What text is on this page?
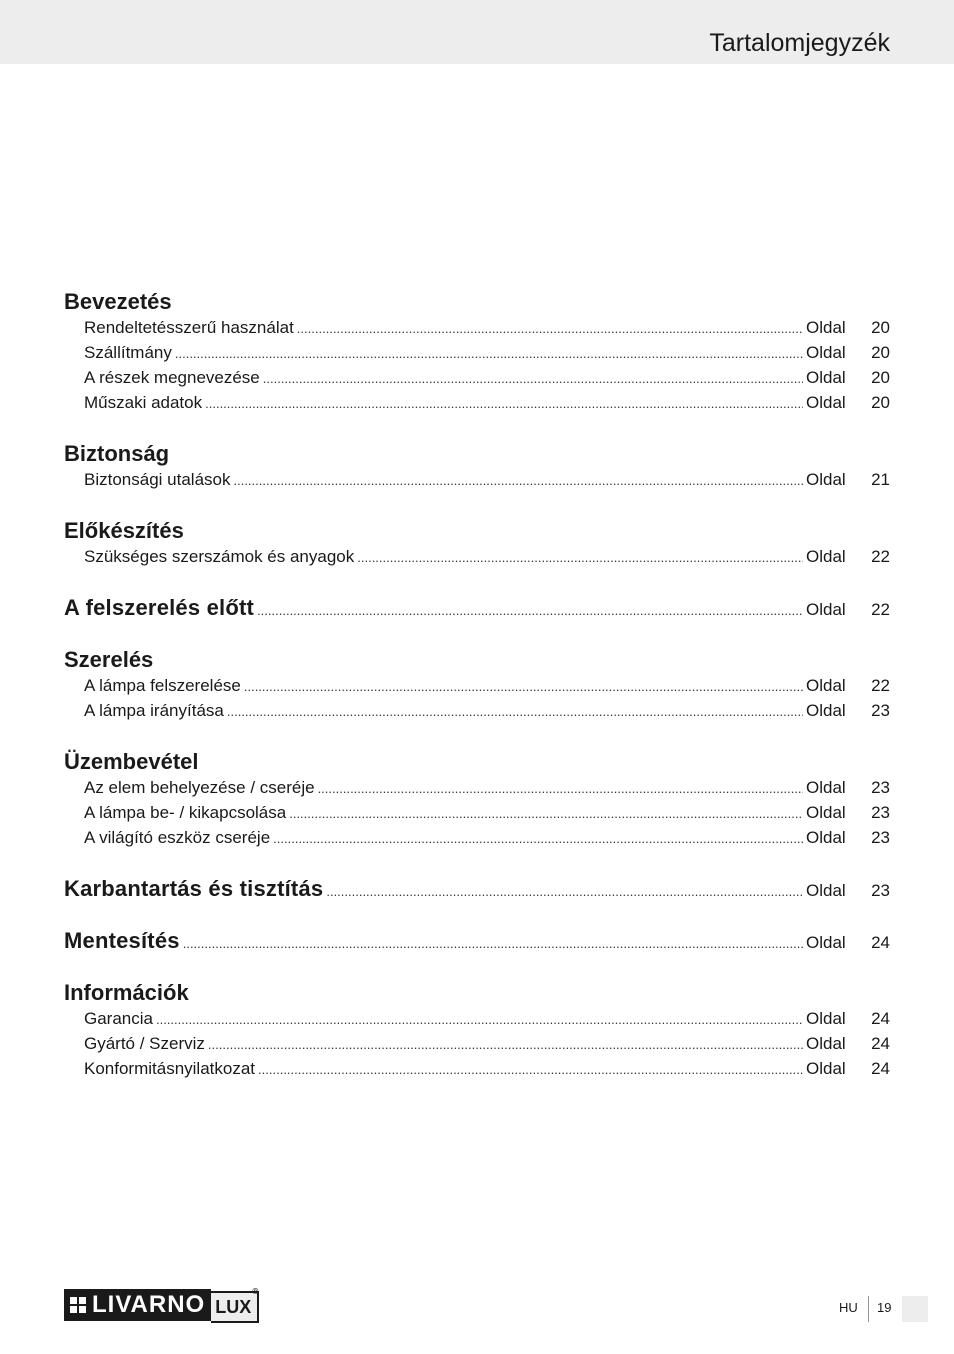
Tartalomjegyzék
Bevezetés
Rendeltetésszerű használat .....	Oldal	20
Szállítmány .....	Oldal	20
A részek megnevezése .....	Oldal	20
Műszaki adatok .....	Oldal	20
Biztonság
Biztonsági utalások .....	Oldal	21
Előkészítés
Szükséges szerszámok és anyagok .....	Oldal	22
A felszerelés előtt .....	Oldal	22
Szerelés
A lámpa felszerelése .....	Oldal	22
A lámpa irányítása .....	Oldal	23
Üzembevétel
Az elem behelyezése / cseréje .....	Oldal	23
A lámpa be- / kikapcsolása .....	Oldal	23
A világító eszköz cseréje .....	Oldal	23
Karbantartás és tisztítás .....	Oldal	23
Mentesítés .....	Oldal	24
Információk
Garancia .....	Oldal	24
Gyártó / Szerviz .....	Oldal	24
Konformitásnyilatkozat .....	Oldal	24
LIVARNO LUX
®
HU 19
